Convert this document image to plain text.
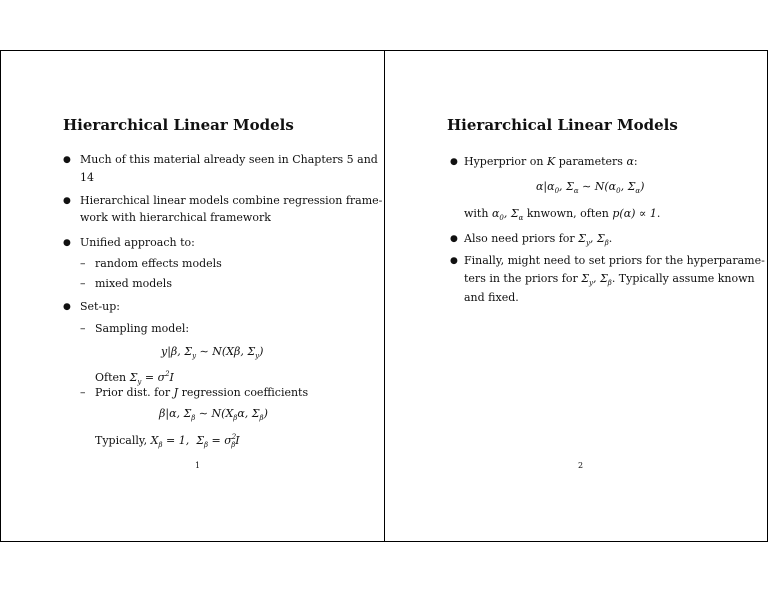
Hierarchical Linear Models
● Much of this material already seen in Chapters 5 and
14
● Hierarchical linear models combine regression frame-
work with hierarchical framework
● Unified approach to:
– random effects models
– mixed models
● Set-up:
– Sampling model:
y|β, $\Sigma_y$ ∼ N(Xβ, $\Sigma_y$)
Often $\Sigma_y = \sigma^2I$
– Prior dist. for J regression coefficients
β|α, $\Sigma_\beta$ ∼ $N(X_\beta\alpha$, $\Sigma_\beta$)
Typically, $X_\beta = 1$,  $\Sigma_\beta = \sigma^2_\beta I$
1
Hierarchical Linear Models
● Hyperprior on K parameters α:
$\alpha|\alpha_0$, $\Sigma_\alpha$ ∼ $N(\alpha_0$, $\Sigma_\alpha$)
with $\alpha_0$, $\Sigma_\alpha$ knwown, often p(α) ∝ 1.
● Also need priors for $\Sigma_y$, $\Sigma_\beta$.
● Finally, might need to set priors for the hyperparame-
ters in the priors for $\Sigma_y$, $\Sigma_\beta$. Typically assume known
and fixed.
2
